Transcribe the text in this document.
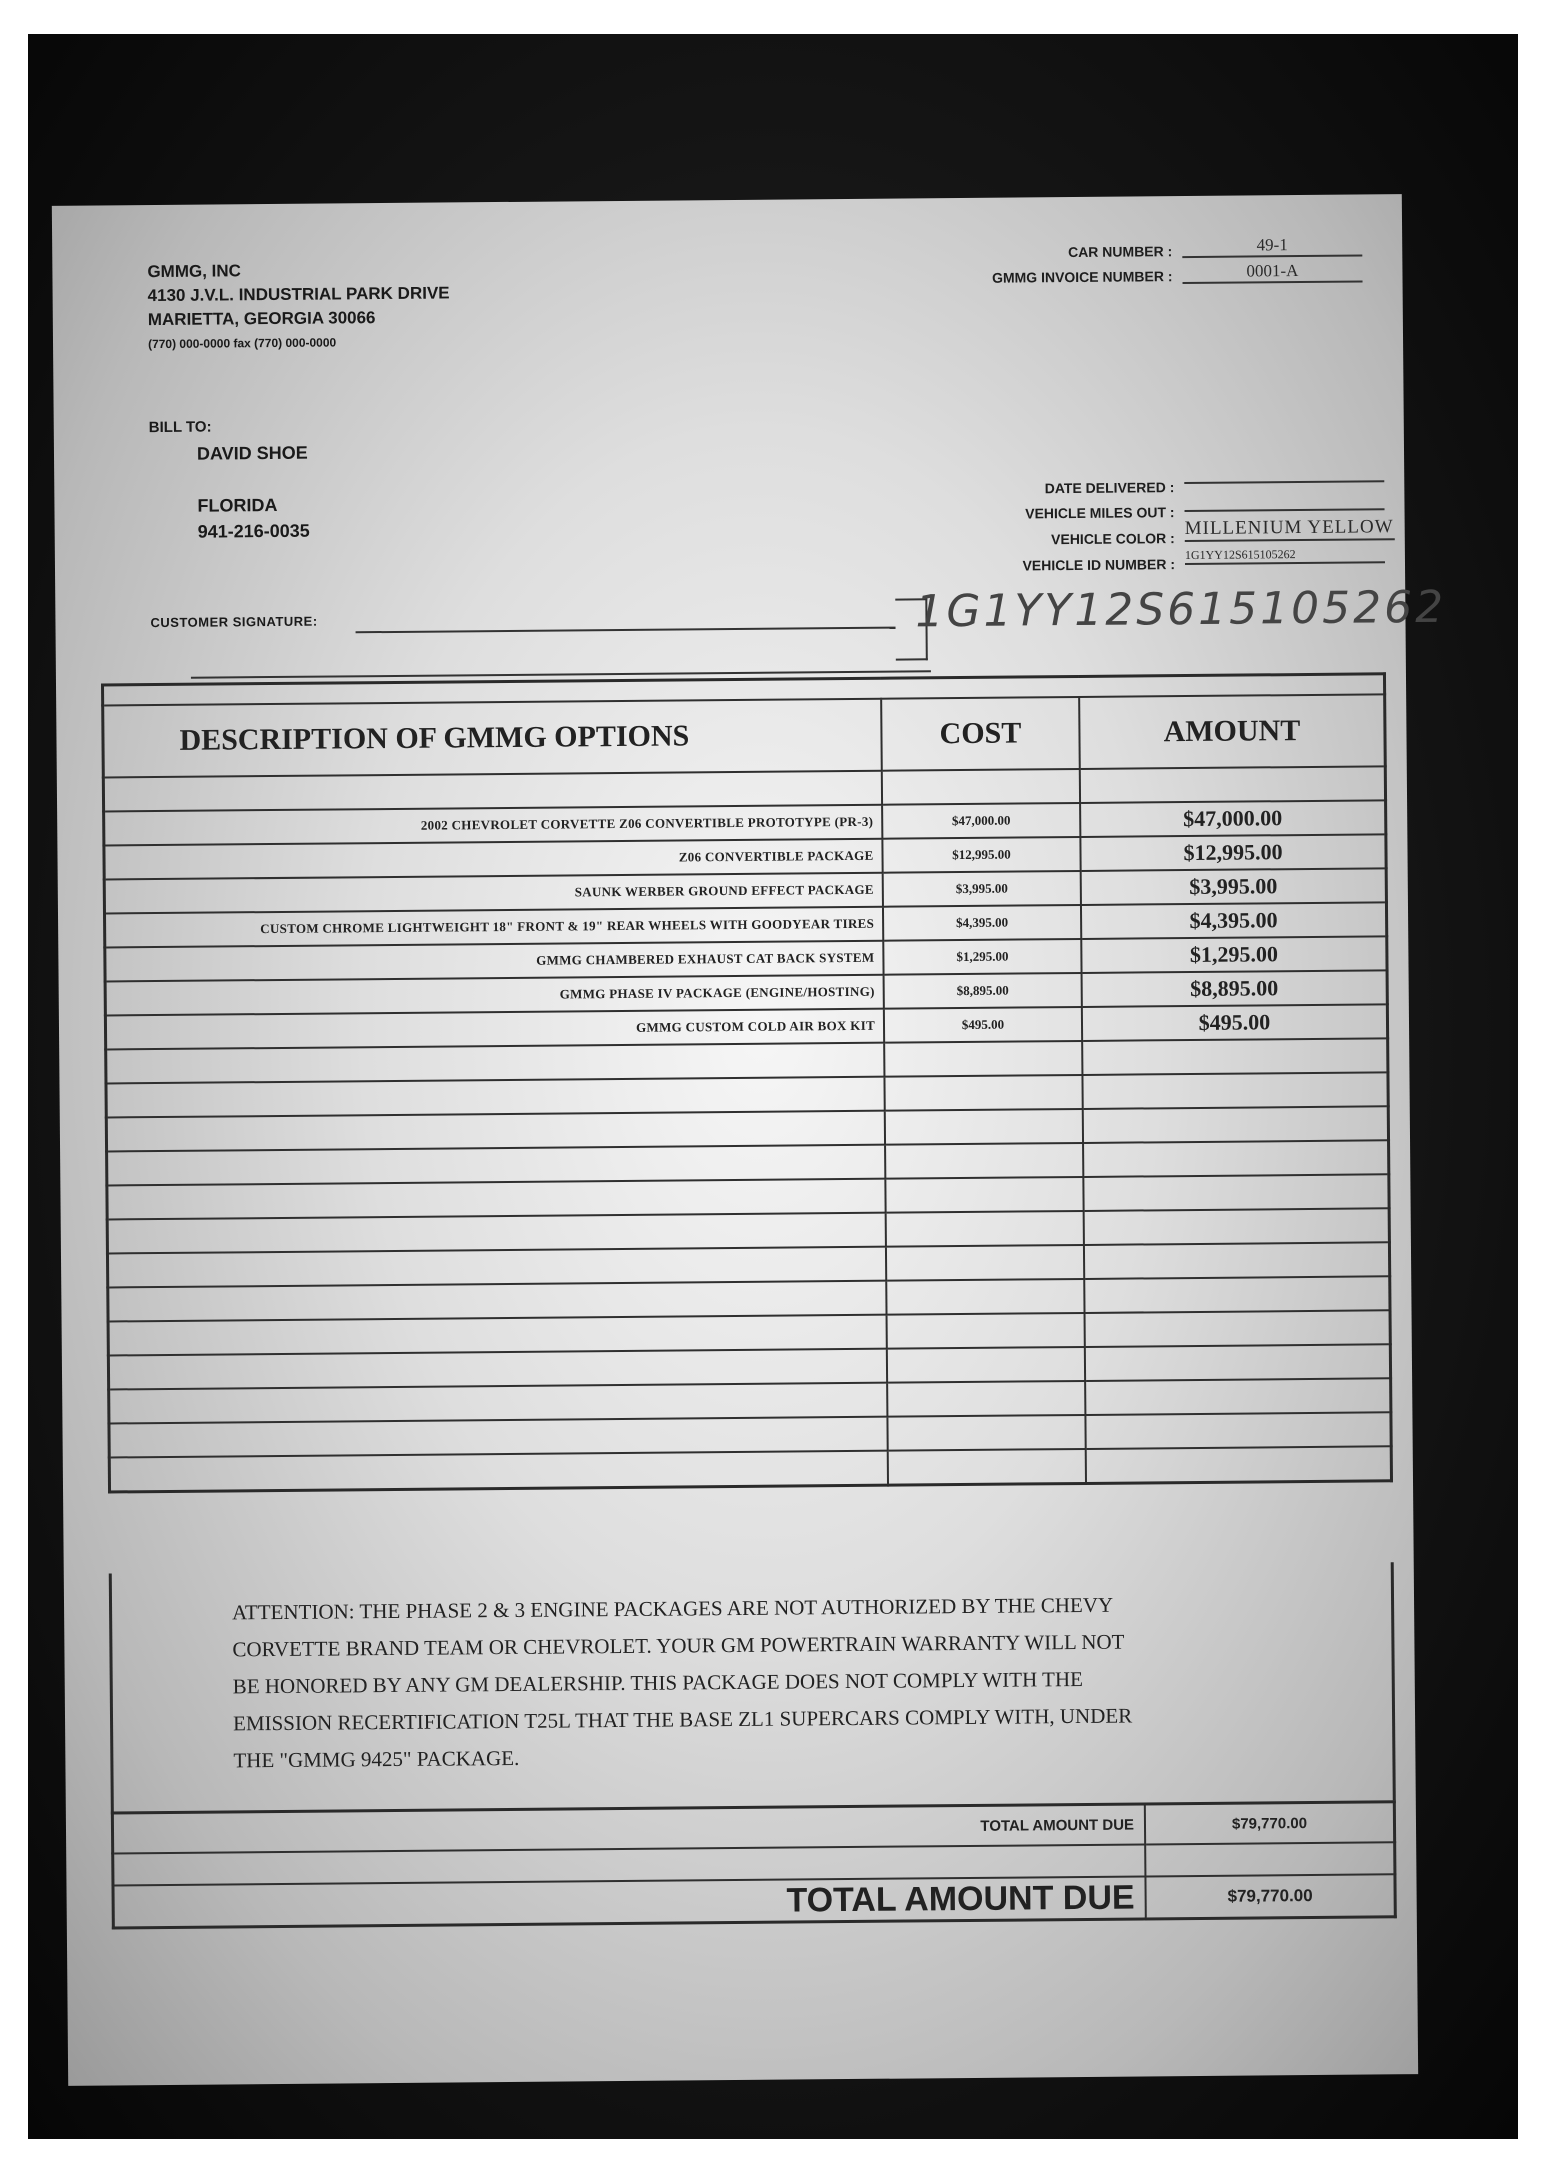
GMMG, INC
4130 J.V.L. INDUSTRIAL PARK DRIVE
MARIETTA, GEORGIA 30066
(770) 000-0000 fax (770) 000-0000
BILL TO:
DAVID SHOE
FLORIDA
941-216-0035
CUSTOMER SIGNATURE:
CAR NUMBER :	49-1
GMMG INVOICE NUMBER :	0001-A
DATE DELIVERED :
VEHICLE MILES OUT :
VEHICLE COLOR : MILLENIUM YELLOW
VEHICLE ID NUMBER :
1G1YY12S615105262
1G1YY12S615105262

DESCRIPTION OF GMMG OPTIONS	COST	AMOUNT

2002 CHEVROLET CORVETTE Z06 CONVERTIBLE PROTOTYPE (PR-3)	$47,000.00	$47,000.00
Z06 CONVERTIBLE PACKAGE	$12,995.00	$12,995.00
SAUNK WERBER GROUND EFFECT PACKAGE	$3,995.00	$3,995.00
CUSTOM CHROME LIGHTWEIGHT 18" FRONT & 19" REAR WHEELS WITH GOODYEAR TIRES	$4,395.00	$4,395.00
GMMG CHAMBERED EXHAUST CAT BACK SYSTEM	$1,295.00	$1,295.00
GMMG PHASE IV PACKAGE (ENGINE/HOSTING)	$8,895.00	$8,895.00
GMMG CUSTOM COLD AIR BOX KIT	$495.00	$495.00

ATTENTION: THE PHASE 2 & 3 ENGINE PACKAGES ARE NOT AUTHORIZED BY THE CHEVY CORVETTE BRAND TEAM OR CHEVROLET. YOUR GM POWERTRAIN WARRANTY WILL NOT BE HONORED BY ANY GM DEALERSHIP. THIS PACKAGE DOES NOT COMPLY WITH THE EMISSION RECERTIFICATION T25L THAT THE BASE ZL1 SUPERCARS COMPLY WITH, UNDER THE "GMMG 9425" PACKAGE.

TOTAL AMOUNT DUE	$79,770.00

TOTAL AMOUNT DUE	$79,770.00
